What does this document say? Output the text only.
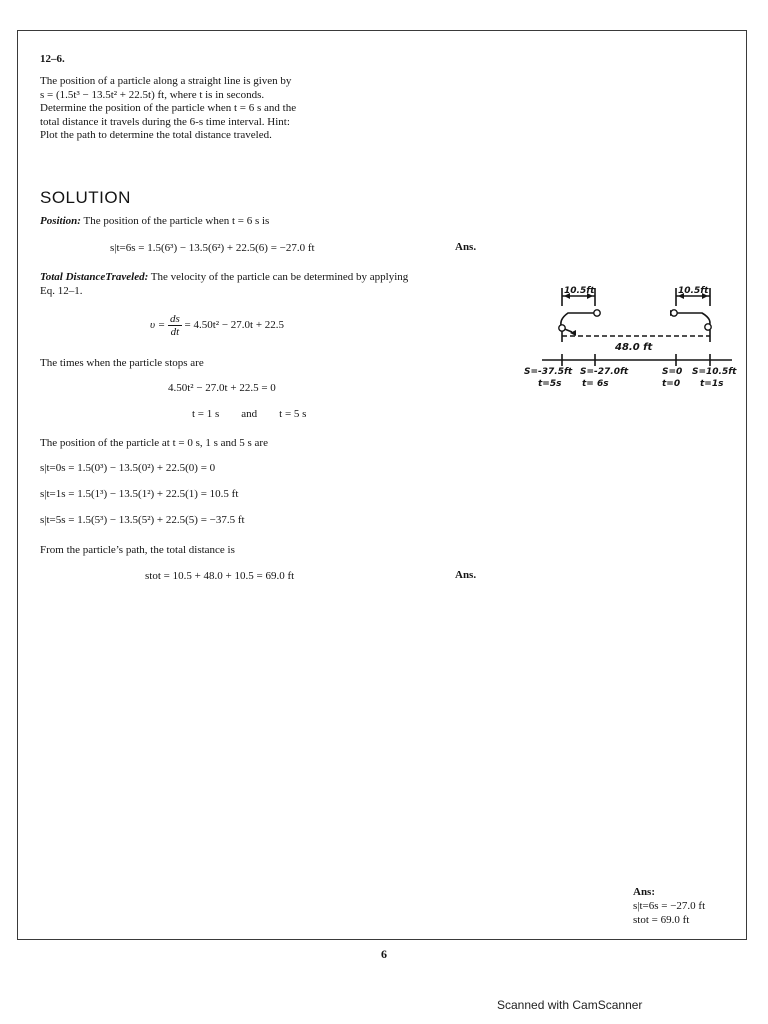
12–6.
The position of a particle along a straight line is given by
s = (1.5t³ − 13.5t² + 22.5t) ft, where t is in seconds.
Determine the position of the particle when t = 6 s and the
total distance it travels during the 6-s time interval. Hint:
Plot the path to determine the total distance traveled.
SOLUTION
Position: The position of the particle when t = 6 s is
s|t=6s = 1.5(6³) − 13.5(6²) + 22.5(6) = −27.0 ft	Ans.
Total DistanceTraveled: The velocity of the particle can be determined by applying
Eq. 12–1.
$\upsilon = \frac{ds}{dt} = 4.50t^2 - 27.0t + 22.5$
The times when the particle stops are
4.50t² − 27.0t + 22.5 = 0
t = 1 s        and        t = 5 s
The position of the particle at t = 0 s, 1 s and 5 s are
s|t=0s = 1.5(0³) − 13.5(0²) + 22.5(0) = 0
s|t=1s = 1.5(1³) − 13.5(1²) + 22.5(1) = 10.5 ft
s|t=5s = 1.5(5³) − 13.5(5²) + 22.5(5) = −37.5 ft
From the particle’s path, the total distance is
stot = 10.5 + 48.0 + 10.5 = 69.0 ft	Ans.
10.5ft	10.5ft
48.0 ft
S=-37.5ft
t=5s
S=-27.0ft
t= 6s
S=0
t=0
S=10.5ft
t=1s
Ans:
s|t=6s = −27.0 ft
stot = 69.0 ft
6
Scanned with CamScanner
